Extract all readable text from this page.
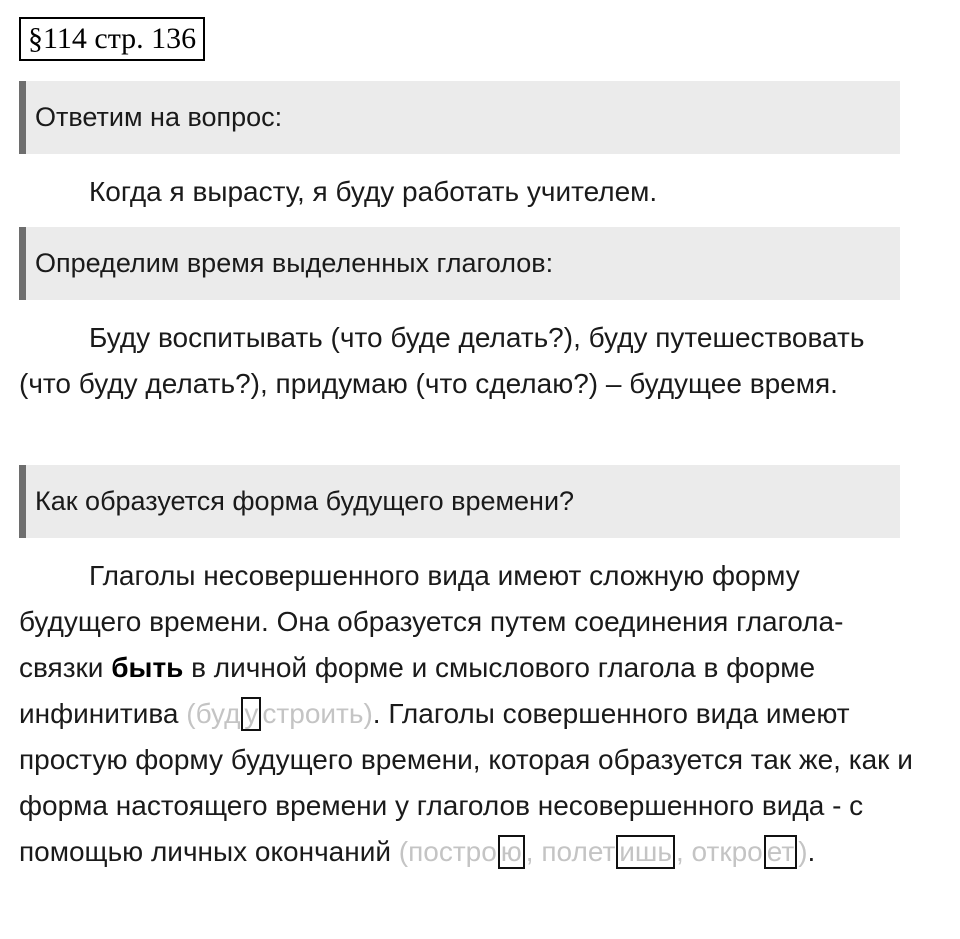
§114 стр. 136
Ответим на вопрос:

Когда я вырасту, я буду работать учителем.

Определим время выделенных глаголов:

Буду воспитывать (что буде делать?), буду путешествовать (что буду делать?), придумаю (что сделаю?) – будущее время.

Как образуется форма будущего времени?

Глаголы несовершенного вида имеют сложную форму будущего времени. Она образуется путем соединения глагола-связки быть в личной форме и смыслового глагола в форме инфинитива (буд у строить). Глаголы совершенного вида имеют простую форму будущего времени, которая образуется так же, как и форма настоящего времени у глаголов несовершенного вида - с помощью личных окончаний (постро ю , полет ишь , откро ет ).
